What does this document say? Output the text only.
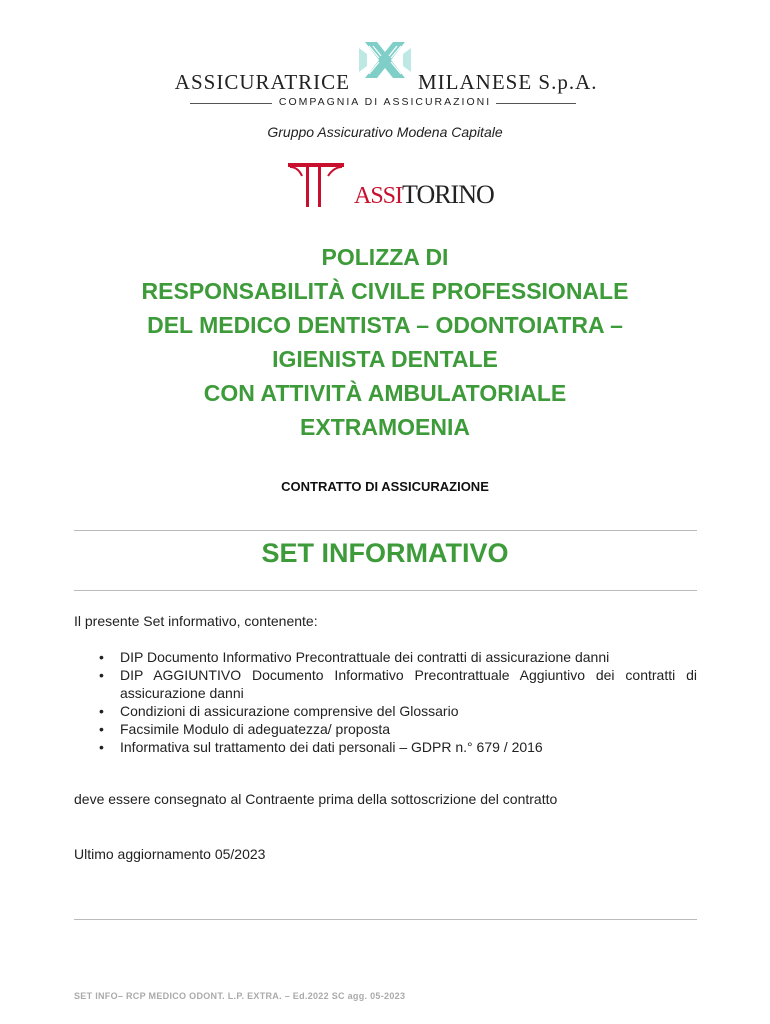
ASSICURATRICE	MILANESE S.p.A.
COMPAGNIA DI ASSICURAZIONI
Gruppo Assicurativo Modena Capitale
ASSITORINO
POLIZZA DI
RESPONSABILITÀ CIVILE PROFESSIONALE
DEL MEDICO DENTISTA – ODONTOIATRA –
IGIENISTA DENTALE
CON ATTIVITÀ AMBULATORIALE
EXTRAMOENIA
CONTRATTO DI ASSICURAZIONE
SET INFORMATIVO
Il presente Set informativo, contenente:
• DIP Documento Informativo Precontrattuale dei contratti di assicurazione danni
• DIP AGGIUNTIVO Documento Informativo Precontrattuale Aggiuntivo dei contratti di assicurazione danni
• Condizioni di assicurazione comprensive del Glossario
• Facsimile Modulo di adeguatezza/ proposta
• Informativa sul trattamento dei dati personali – GDPR n.° 679 / 2016
deve essere consegnato al Contraente prima della sottoscrizione del contratto
Ultimo aggiornamento 05/2023
SET INFO– RCP MEDICO ODONT. L.P. EXTRA. – Ed.2022 SC agg. 05-2023
